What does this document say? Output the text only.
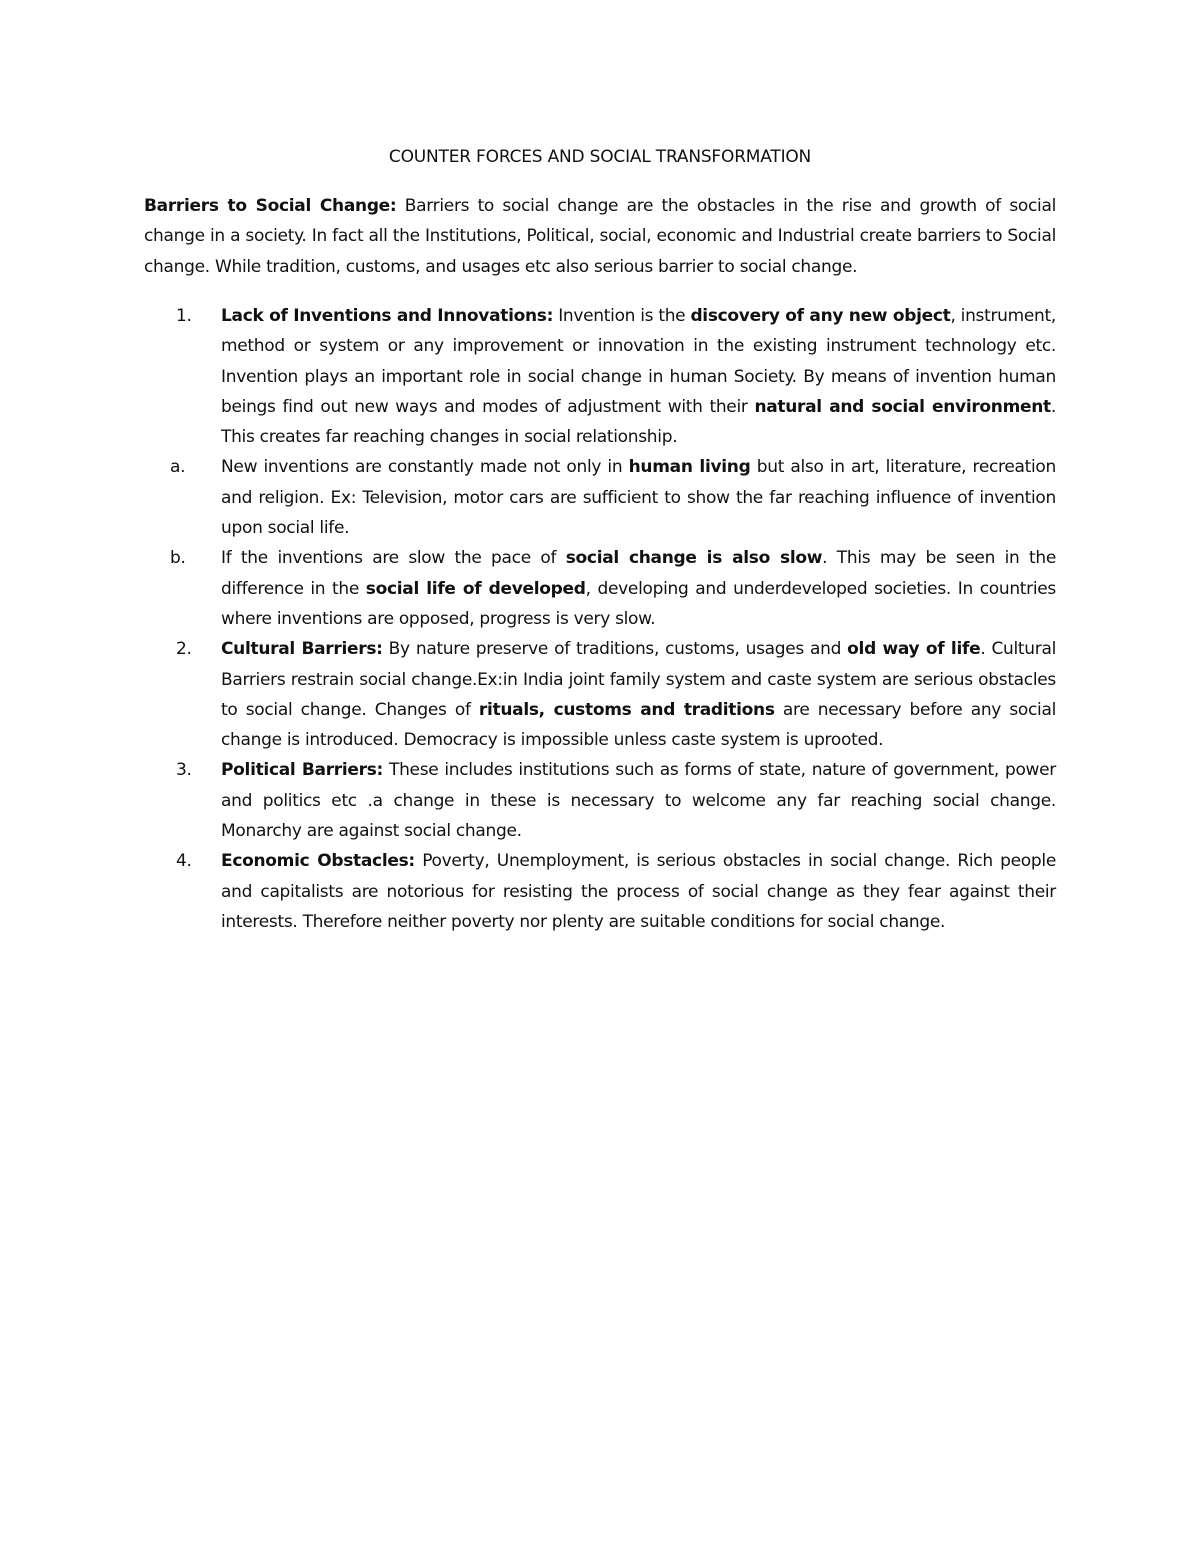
COUNTER FORCES AND SOCIAL TRANSFORMATION

Barriers to Social Change: Barriers to social change are the obstacles in the rise and growth of social change in a society. In fact all the Institutions, Political, social, economic and Industrial create barriers to Social change. While tradition, customs, and usages etc also serious barrier to social change.

1. Lack of Inventions and Innovations: Invention is the discovery of any new object, instrument, method or system or any improvement or innovation in the existing instrument technology etc. Invention plays an important role in social change in human Society. By means of invention human beings find out new ways and modes of adjustment with their natural and social environment. This creates far reaching changes in social relationship.
a. New inventions are constantly made not only in human living but also in art, literature, recreation and religion. Ex: Television, motor cars are sufficient to show the far reaching influence of invention upon social life.
b. If the inventions are slow the pace of social change is also slow. This may be seen in the difference in the social life of developed, developing and underdeveloped societies. In countries where inventions are opposed, progress is very slow.
2. Cultural Barriers: By nature preserve of traditions, customs, usages and old way of life. Cultural Barriers restrain social change.Ex:in India joint family system and caste system are serious obstacles to social change. Changes of rituals, customs and traditions are necessary before any social change is introduced. Democracy is impossible unless caste system is uprooted.
3. Political Barriers: These includes institutions such as forms of state, nature of government, power and politics etc .a change in these is necessary to welcome any far reaching social change. Monarchy are against social change.
4. Economic Obstacles: Poverty, Unemployment, is serious obstacles in social change. Rich people and capitalists are notorious for resisting the process of social change as they fear against their interests. Therefore neither poverty nor plenty are suitable conditions for social change.
